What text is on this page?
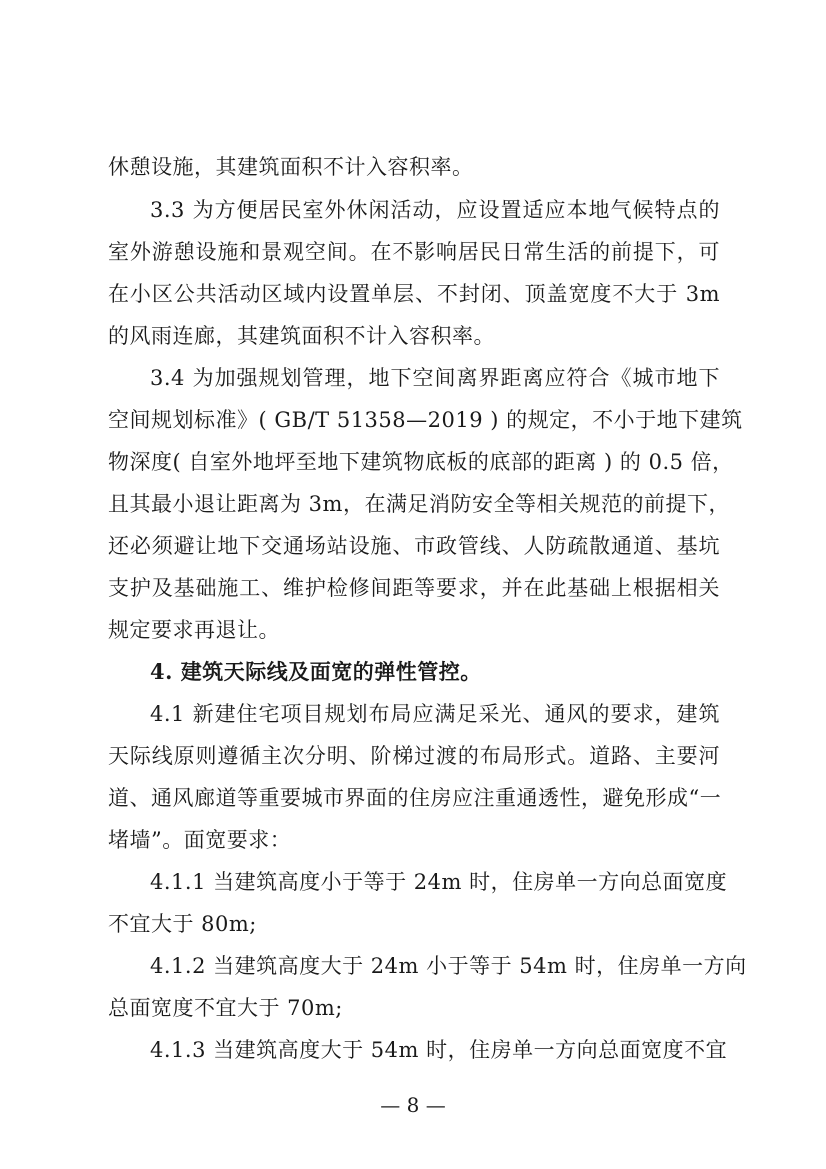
休憩设施，其建筑面积不计入容积率。
3.3 为方便居民室外休闲活动，应设置适应本地气候特点的
室外游憩设施和景观空间。在不影响居民日常生活的前提下，可
在小区公共活动区域内设置单层、不封闭、顶盖宽度不大于 3m
的风雨连廊，其建筑面积不计入容积率。
3.4 为加强规划管理，地下空间离界距离应符合《城市地下
空间规划标准》( GB/T 51358—2019 ) 的规定，不小于地下建筑
物深度( 自室外地坪至地下建筑物底板的底部的距离 ) 的 0.5 倍，
且其最小退让距离为 3m，在满足消防安全等相关规范的前提下，
还必须避让地下交通场站设施、市政管线、人防疏散通道、基坑
支护及基础施工、维护检修间距等要求，并在此基础上根据相关
规定要求再退让。
4. 建筑天际线及面宽的弹性管控。
4.1 新建住宅项目规划布局应满足采光、通风的要求，建筑
天际线原则遵循主次分明、阶梯过渡的布局形式。道路、主要河
道、通风廊道等重要城市界面的住房应注重通透性，避免形成“一
堵墙”。面宽要求：
4.1.1 当建筑高度小于等于 24m 时，住房单一方向总面宽度
不宜大于 80m;
4.1.2 当建筑高度大于 24m 小于等于 54m 时，住房单一方向
总面宽度不宜大于 70m;
4.1.3 当建筑高度大于 54m 时，住房单一方向总面宽度不宜
— 8 —
